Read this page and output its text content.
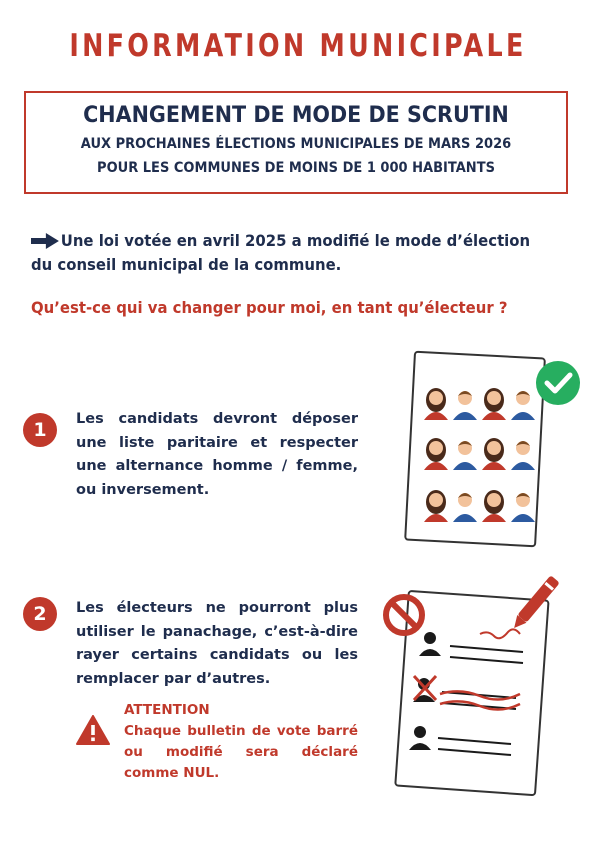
INFORMATION MUNICIPALE
CHANGEMENT DE MODE DE SCRUTIN
AUX PROCHAINES ÉLECTIONS MUNICIPALES DE MARS 2026
POUR LES COMMUNES DE MOINS DE 1 000 HABITANTS
Une loi votée en avril 2025 a modifié le mode d’élection du conseil municipal de la commune.
Qu’est-ce qui va changer pour moi, en tant qu’électeur ?
1	Les candidats devront déposer une liste paritaire et respecter une alternance homme / femme, ou inversement.
2	Les électeurs ne pourront plus utiliser le panachage, c’est-à-dire rayer certains candidats ou les remplacer par d’autres.
ATTENTION
Chaque bulletin de vote barré ou modifié sera déclaré comme NUL.
